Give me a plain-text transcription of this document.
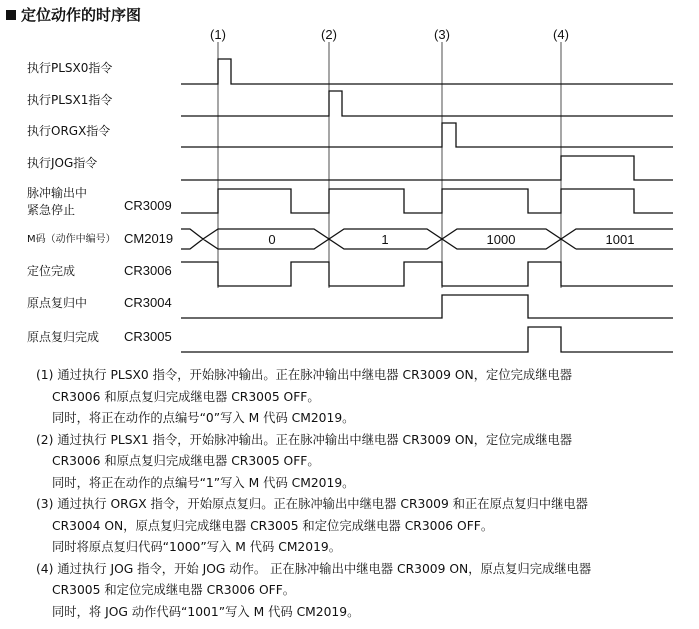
定位动作的时序图
(1)	(2)	(3)	(4)
执行PLSX0指令
执行PLSX1指令
执行ORGX指令
执行JOG指令
脉冲输出中
紧急停止	CR3009
M码（动作中编号） CM2019
定位完成	CR3006
原点复归中	CR3004
原点复归完成 CR3005
0	1	1000	1001
(1) 通过执行 PLSX0 指令，开始脉冲输出。正在脉冲输出中继电器 CR3009 ON，定位完成继电器
CR3006 和原点复归完成继电器 CR3005 OFF。
同时，将正在动作的点编号“0”写入 M 代码 CM2019。
(2) 通过执行 PLSX1 指令，开始脉冲输出。正在脉冲输出中继电器 CR3009 ON，定位完成继电器
CR3006 和原点复归完成继电器 CR3005 OFF。
同时，将正在动作的点编号“1”写入 M 代码 CM2019。
(3) 通过执行 ORGX 指令，开始原点复归。正在脉冲输出中继电器 CR3009 和正在原点复归中继电器
CR3004 ON，原点复归完成继电器 CR3005 和定位完成继电器 CR3006 OFF。
同时将原点复归代码“1000”写入 M 代码 CM2019。
(4) 通过执行 JOG 指令，开始 JOG 动作。 正在脉冲输出中继电器 CR3009 ON，原点复归完成继电器
CR3005 和定位完成继电器 CR3006 OFF。
同时，将 JOG 动作代码“1001”写入 M 代码 CM2019。
